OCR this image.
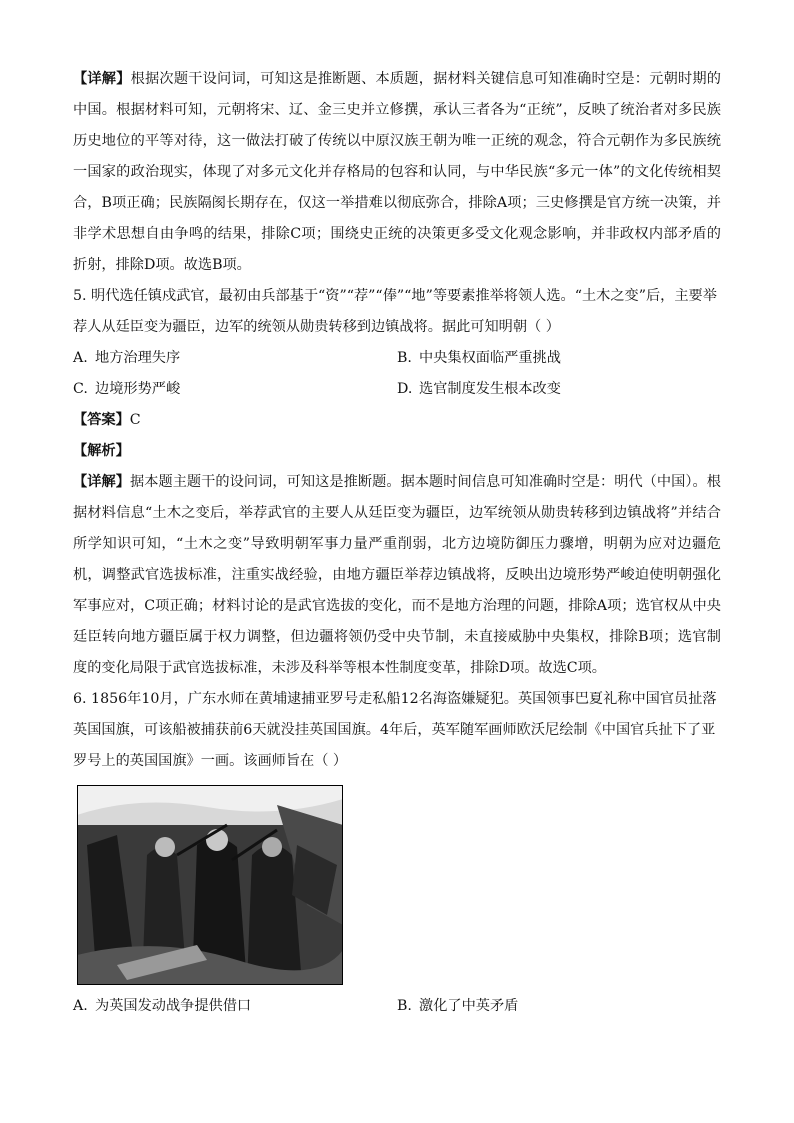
【详解】根据次题干设问词，可知这是推断题、本质题，据材料关键信息可知准确时空是：元朝时期的中国。根据材料可知，元朝将宋、辽、金三史并立修撰，承认三者各为“正统”，反映了统治者对多民族历史地位的平等对待，这一做法打破了传统以中原汉族王朝为唯一正统的观念，符合元朝作为多民族统一国家的政治现实，体现了对多元文化并存格局的包容和认同，与中华民族“多元一体”的文化传统相契合，B项正确；民族隔阂长期存在，仅这一举措难以彻底弥合，排除A项；三史修撰是官方统一决策，并非学术思想自由争鸣的结果，排除C项；围绕史正统的决策更多受文化观念影响，并非政权内部矛盾的折射，排除D项。故选B项。

5. 明代选任镇戍武官，最初由兵部基于“资”“荐”“俸”“地”等要素推举将领人选。“土木之变”后，主要举荐人从廷臣变为疆臣，边军的统领从勋贵转移到边镇战将。据此可知明朝（ ）

A. 地方治理失序	B. 中央集权面临严重挑战
C. 边境形势严峻	D. 选官制度发生根本改变
【答案】C
【解析】

【详解】据本题主题干的设问词，可知这是推断题。据本题时间信息可知准确时空是：明代（中国）。根据材料信息“土木之变后，举荐武官的主要人从廷臣变为疆臣，边军统领从勋贵转移到边镇战将”并结合所学知识可知，“土木之变”导致明朝军事力量严重削弱，北方边境防御压力骤增，明朝为应对边疆危机，调整武官选拔标准，注重实战经验，由地方疆臣举荐边镇战将，反映出边境形势严峻迫使明朝强化军事应对，C项正确；材料讨论的是武官选拔的变化，而不是地方治理的问题，排除A项；选官权从中央廷臣转向地方疆臣属于权力调整，但边疆将领仍受中央节制，未直接威胁中央集权，排除B项；选官制度的变化局限于武官选拔标准，未涉及科举等根本性制度变革，排除D项。故选C项。

6. 1856年10月，广东水师在黄埔逮捕亚罗号走私船12名海盗嫌疑犯。英国领事巴夏礼称中国官员扯落英国国旗，可该船被捕获前6天就没挂英国国旗。4年后，英军随军画师欧沃尼绘制《中国官兵扯下了亚罗号上的英国国旗》一画。该画师旨在（ ）

A. 为英国发动战争提供借口	B. 激化了中英矛盾
